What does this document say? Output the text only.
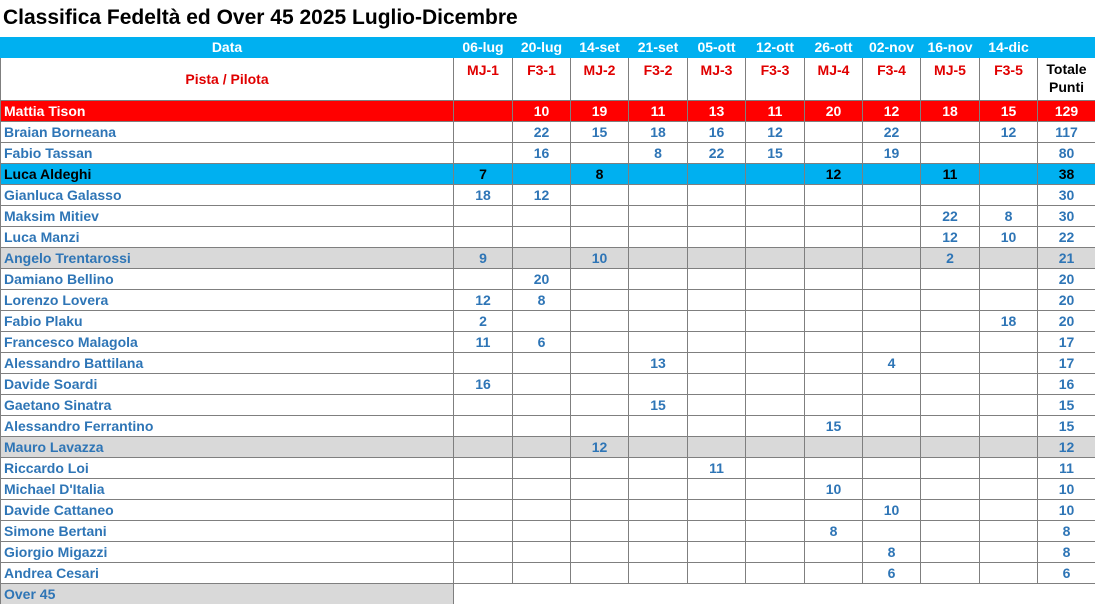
Classifica Fedeltà ed Over 45 2025 Luglio-Dicembre
Data	06-lug	20-lug	14-set	21-set	05-ott	12-ott	26-ott	02-nov	16-nov	14-dic	
Pista / Pilota	MJ-1	F3-1	MJ-2	F3-2	MJ-3	F3-3	MJ-4	F3-4	MJ-5	F3-5	Totale
Punti

Mattia Tison		10	19	11	13	11	20	12	18	15	129
Braian Borneana		22	15	18	16	12		22		12	117
Fabio Tassan		16		8	22	15		19			80
Luca Aldeghi	7		8				12		11		38
Gianluca Galasso	18	12									30
Maksim Mitiev									22	8	30
Luca Manzi									12	10	22
Angelo Trentarossi	9		10						2		21
Damiano Bellino		20									20
Lorenzo Lovera	12	8									20
Fabio Plaku	2									18	20
Francesco Malagola	11	6									17
Alessandro Battilana				13				4			17
Davide Soardi	16										16
Gaetano Sinatra				15							15
Alessandro Ferrantino							15				15
Mauro Lavazza			12								12
Riccardo Loi					11						11
Michael D'Italia							10				10
Davide Cattaneo								10			10
Simone Bertani							8				8
Giorgio Migazzi								8			8
Andrea Cesari								6			6
Over 45											
